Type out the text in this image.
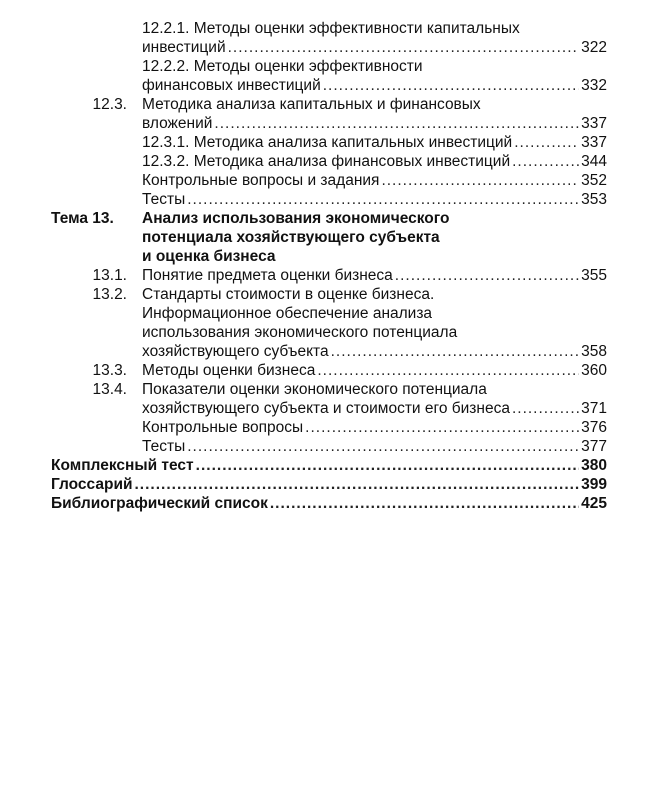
12.2.1. Методы оценки эффективности капитальных
инвестиций .....	322
12.2.2. Методы оценки эффективности
финансовых инвестиций .....	332
12.3. Методика анализа капитальных и финансовых
вложений .....	337
12.3.1. Методика анализа капитальных инвестиций .....	337
12.3.2. Методика анализа финансовых инвестиций .....	344
Контрольные вопросы и задания .....	352
Тесты .....	353
Тема 13. Анализ использования экономического
потенциала хозяйствующего субъекта
и оценка бизнеса
13.1. Понятие предмета оценки бизнеса .....	355
13.2. Стандарты стоимости в оценке бизнеса.
Информационное обеспечение анализа
использования экономического потенциала
хозяйствующего субъекта .....	358
13.3. Методы оценки бизнеса .....	360
13.4. Показатели оценки экономического потенциала
хозяйствующего субъекта и стоимости его бизнеса .....	371
Контрольные вопросы .....	376
Тесты .....	377
Комплексный тест .....	380
Глоссарий .....	399
Библиографический список .....	425
